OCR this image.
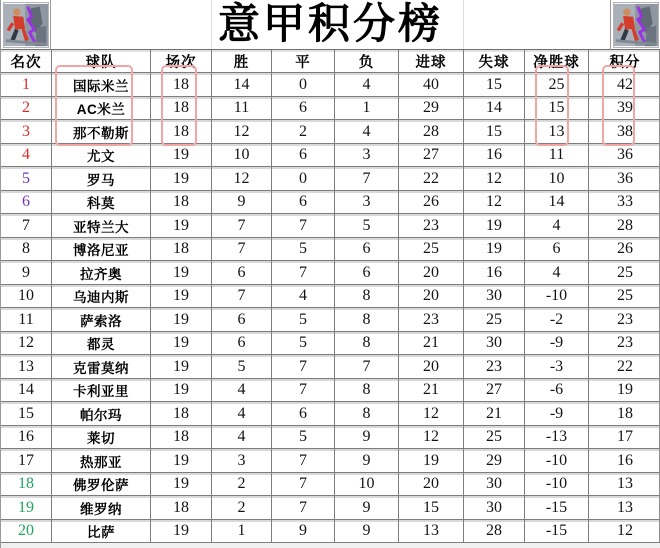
意甲积分榜
名次	球队	场次	胜	平	负	进球	失球	净胜球	积分
1	国际米兰	18	14	0	4	40	15	25	42
2	AC米兰	18	11	6	1	29	14	15	39
3	那不勒斯	18	12	2	4	28	15	13	38
4	尤文	19	10	6	3	27	16	11	36
5	罗马	19	12	0	7	22	12	10	36
6	科莫	18	9	6	3	26	12	14	33
7	亚特兰大	19	7	7	5	23	19	4	28
8	博洛尼亚	18	7	5	6	25	19	6	26
9	拉齐奥	19	6	7	6	20	16	4	25
10	乌迪内斯	19	7	4	8	20	30	-10	25
11	萨索洛	19	6	5	8	23	25	-2	23
12	都灵	19	6	5	8	21	30	-9	23
13	克雷莫纳	19	5	7	7	20	23	-3	22
14	卡利亚里	19	4	7	8	21	27	-6	19
15	帕尔玛	18	4	6	8	12	21	-9	18
16	莱切	18	4	5	9	12	25	-13	17
17	热那亚	19	3	7	9	19	29	-10	16
18	佛罗伦萨	19	2	7	10	20	30	-10	13
19	维罗纳	18	2	7	9	15	30	-15	13
20	比萨	19	1	9	9	13	28	-15	12
